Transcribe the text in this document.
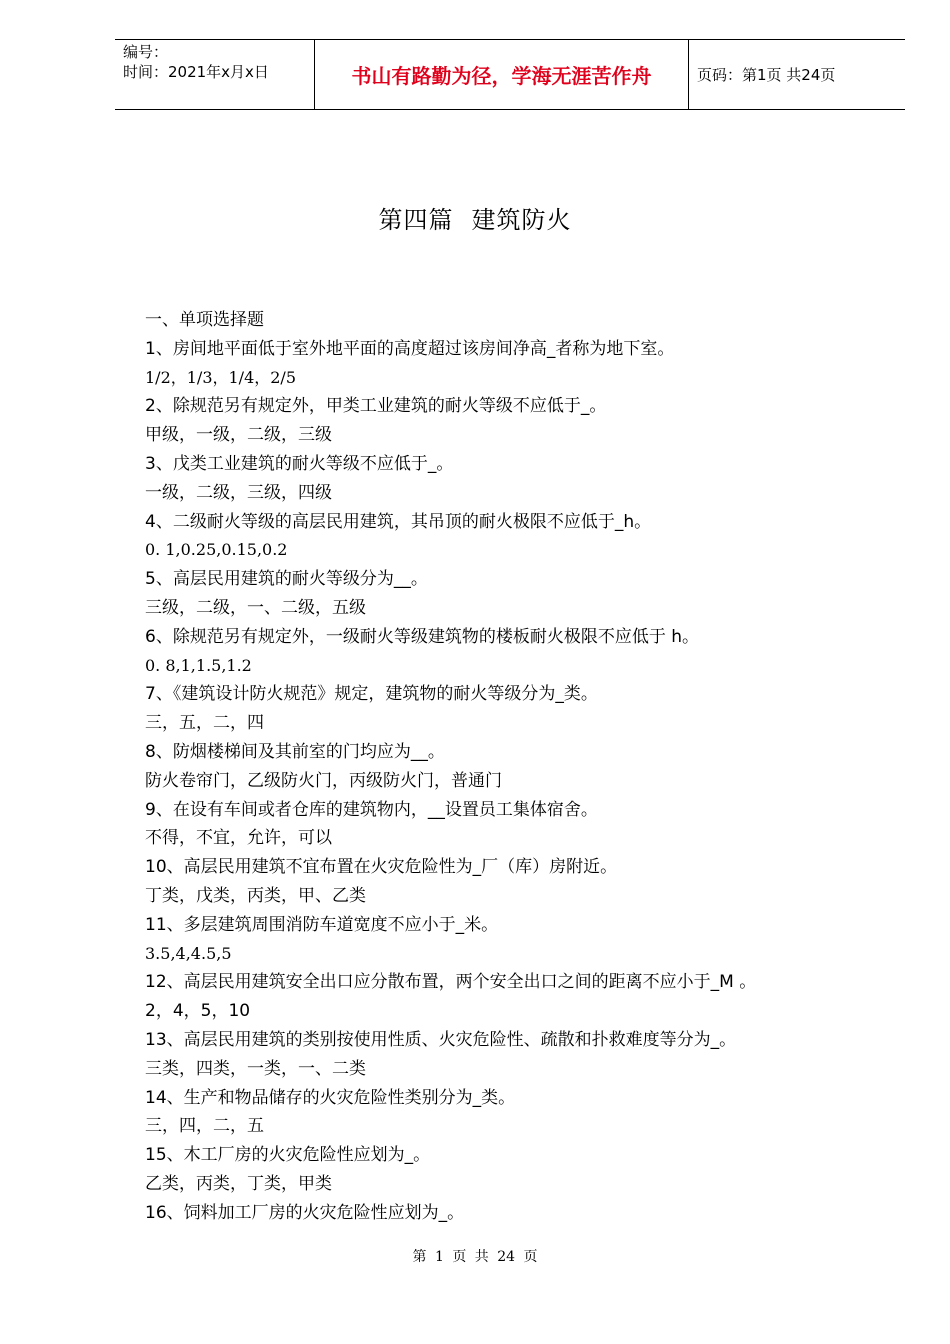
编号：
时间：2021年x月x日	书山有路勤为径，学海无涯苦作舟	页码：第1页 共24页
第四篇 建筑防火
一、单项选择题
1、房间地平面低于室外地平面的高度超过该房间净高_者称为地下室。
1/2，1/3，1/4，2/5
2、除规范另有规定外，甲类工业建筑的耐火等级不应低于_。
甲级，一级，二级，三级
3、戊类工业建筑的耐火等级不应低于_。
一级，二级，三级，四级
4、二级耐火等级的高层民用建筑，其吊顶的耐火极限不应低于_h。
0. 1,0.25,0.15,0.2
5、高层民用建筑的耐火等级分为__。
三级，二级，一、二级，五级
6、除规范另有规定外，一级耐火等级建筑物的楼板耐火极限不应低于 h。
0. 8,1,1.5,1.2
7、《建筑设计防火规范》规定，建筑物的耐火等级分为_类。
三，五，二，四
8、防烟楼梯间及其前室的门均应为__。
防火卷帘门，乙级防火门，丙级防火门，普通门
9、在设有车间或者仓库的建筑物内，__设置员工集体宿舍。
不得，不宜，允许，可以
10、高层民用建筑不宜布置在火灾危险性为_厂（库）房附近。
丁类，戊类，丙类，甲、乙类
11、多层建筑周围消防车道宽度不应小于_米。
3.5,4,4.5,5
12、高层民用建筑安全出口应分散布置，两个安全出口之间的距离不应小于_M 。
2，4，5，10
13、高层民用建筑的类别按使用性质、火灾危险性、疏散和扑救难度等分为_。
三类，四类，一类，一、二类
14、生产和物品储存的火灾危险性类别分为_类。
三，四，二，五
15、木工厂房的火灾危险性应划为_。
乙类，丙类，丁类，甲类
16、饲料加工厂房的火灾危险性应划为_。
第 1 页 共 24 页
